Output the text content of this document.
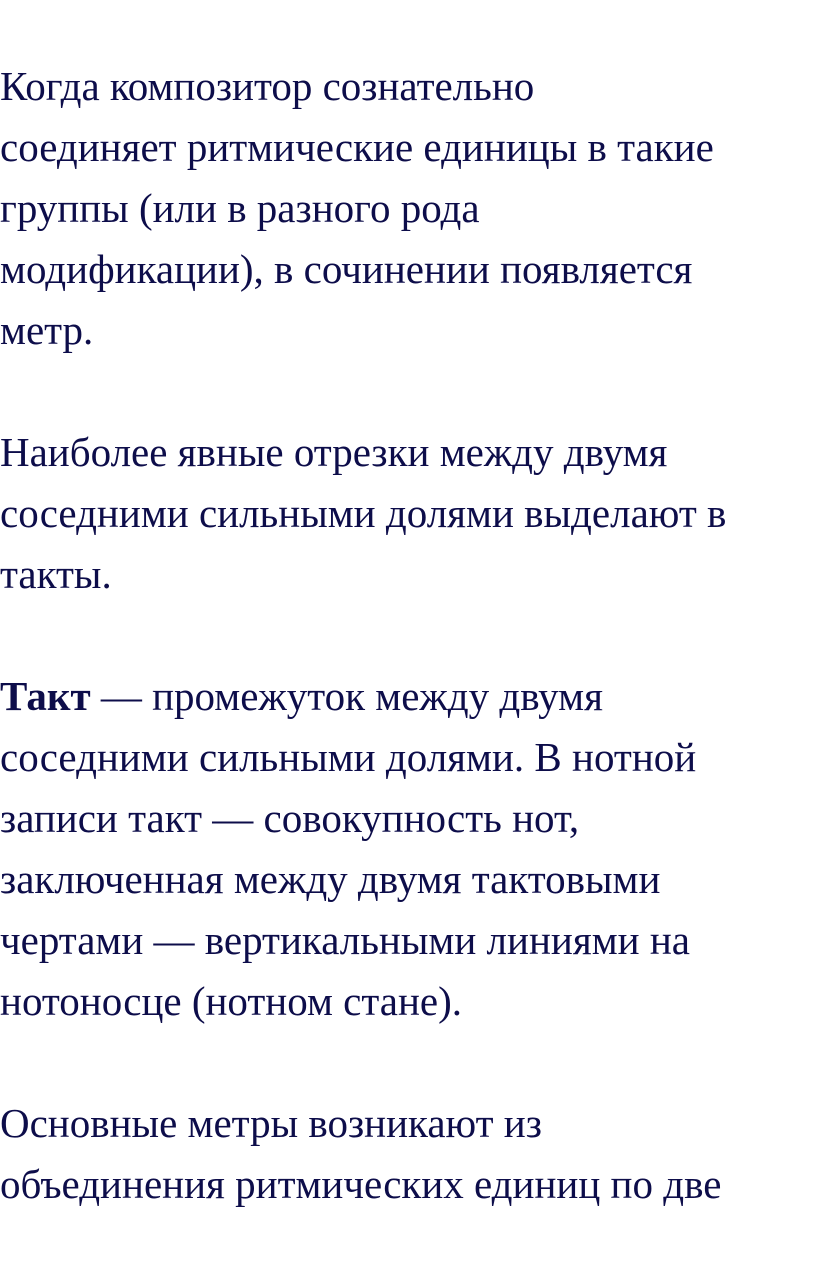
Когда композитор сознательно
соединяет ритмические единицы в такие
группы (или в разного рода
модификации), в сочинении появляется
метр.

Наиболее явные отрезки между двумя
соседними сильными долями выделают в
такты.

Такт — промежуток между двумя
соседними сильными долями. В нотной
записи такт — совокупность нот,
заключенная между двумя тактовыми
чертами — вертикальными линиями на
нотоносце (нотном стане).

Основные метры возникают из
объединения ритмических единиц по две
